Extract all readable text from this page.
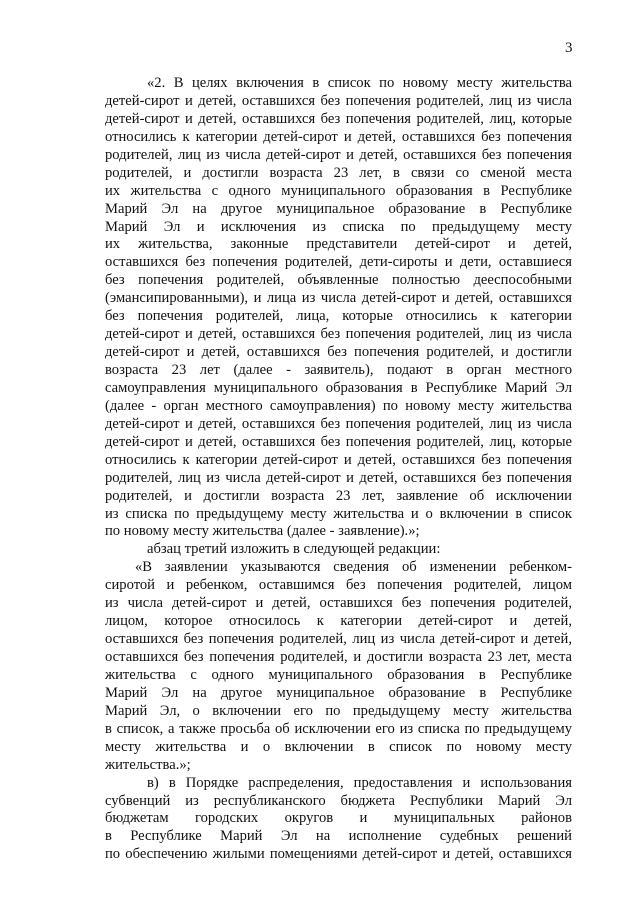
3
«2. В целях включения в список по новому месту жительства
детей-сирот и детей, оставшихся без попечения родителей, лиц из числа
детей-сирот и детей, оставшихся без попечения родителей, лиц, которые
относились к категории детей-сирот и детей, оставшихся без попечения
родителей, лиц из числа детей-сирот и детей, оставшихся без попечения
родителей, и достигли возраста 23 лет, в связи со сменой места
их жительства с одного муниципального образования в Республике
Марий Эл на другое муниципальное образование в Республике
Марий Эл и исключения из списка по предыдущему месту
их жительства, законные представители детей-сирот и детей,
оставшихся без попечения родителей, дети-сироты и дети, оставшиеся
без попечения родителей, объявленные полностью дееспособными
(эмансипированными), и лица из числа детей-сирот и детей, оставшихся
без попечения родителей, лица, которые относились к категории
детей-сирот и детей, оставшихся без попечения родителей, лиц из числа
детей-сирот и детей, оставшихся без попечения родителей, и достигли
возраста 23 лет (далее - заявитель), подают в орган местного
самоуправления муниципального образования в Республике Марий Эл
(далее - орган местного самоуправления) по новому месту жительства
детей-сирот и детей, оставшихся без попечения родителей, лиц из числа
детей-сирот и детей, оставшихся без попечения родителей, лиц, которые
относились к категории детей-сирот и детей, оставшихся без попечения
родителей, лиц из числа детей-сирот и детей, оставшихся без попечения
родителей, и достигли возраста 23 лет, заявление об исключении
из списка по предыдущему месту жительства и о включении в список
по новому месту жительства (далее - заявление).»;
абзац третий изложить в следующей редакции:
«В заявлении указываются сведения об изменении ребенком-
сиротой и ребенком, оставшимся без попечения родителей, лицом
из числа детей-сирот и детей, оставшихся без попечения родителей,
лицом, которое относилось к категории детей-сирот и детей,
оставшихся без попечения родителей, лиц из числа детей-сирот и детей,
оставшихся без попечения родителей, и достигли возраста 23 лет, места
жительства с одного муниципального образования в Республике
Марий Эл на другое муниципальное образование в Республике
Марий Эл, о включении его по предыдущему месту жительства
в список, а также просьба об исключении его из списка по предыдущему
месту жительства и о включении в список по новому месту
жительства.»;
в) в Порядке распределения, предоставления и использования
субвенций из республиканского бюджета Республики Марий Эл
бюджетам городских округов и муниципальных районов
в Республике Марий Эл на исполнение судебных решений
по обеспечению жилыми помещениями детей-сирот и детей, оставшихся
